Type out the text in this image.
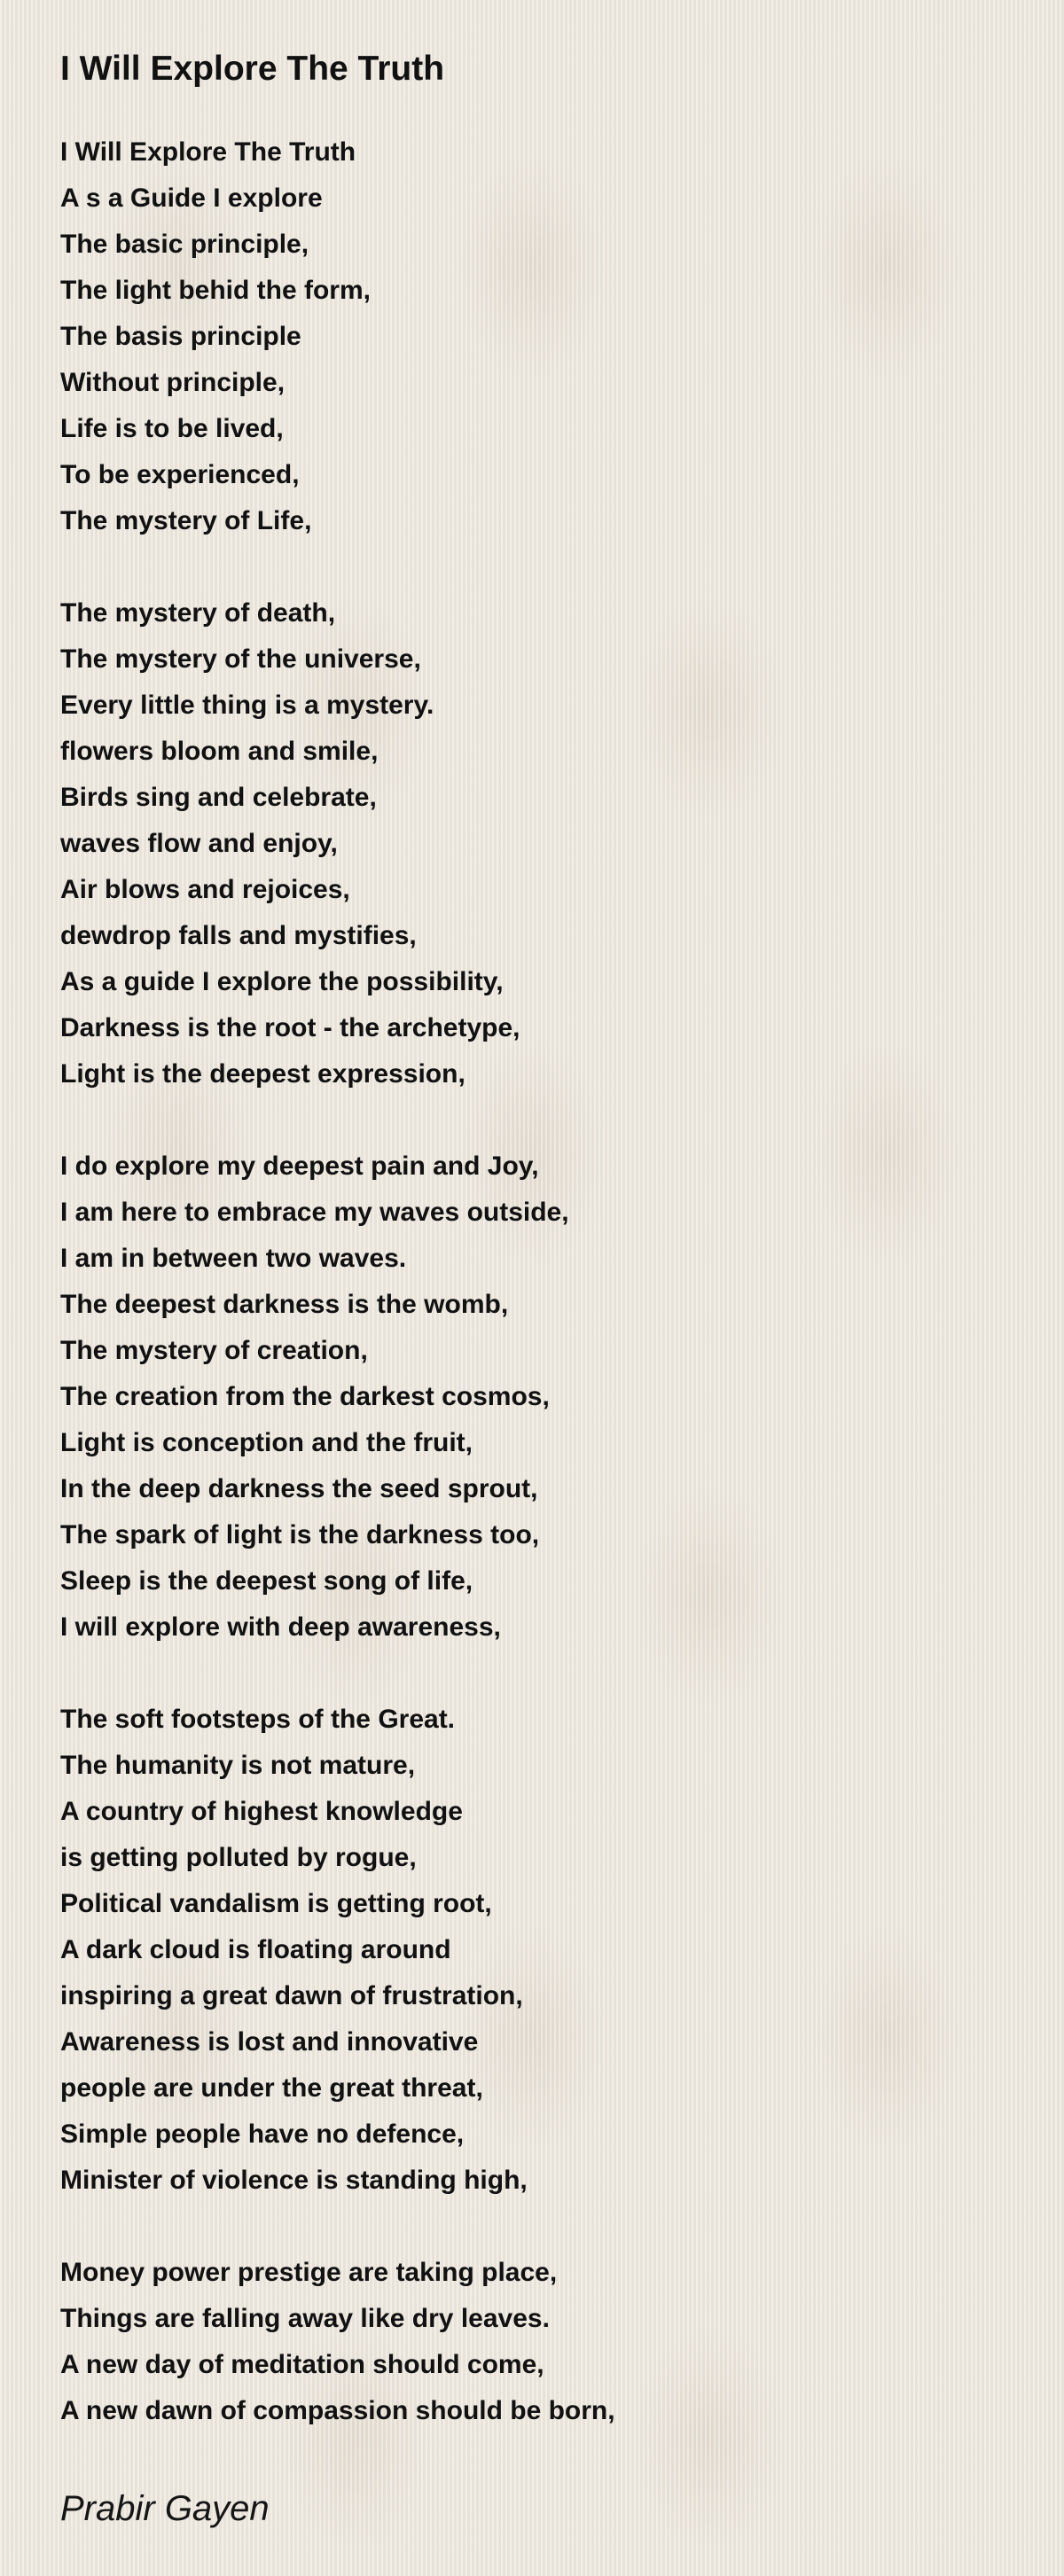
I Will Explore The Truth
I Will Explore The Truth
A s a Guide I explore
The basic principle,
The light behid the form,
The basis principle
Without principle,
Life is to be lived,
To be experienced,
The mystery of Life,
The mystery of death,
The mystery of the universe,
Every little thing is a mystery.
flowers bloom and smile,
Birds sing and celebrate,
waves flow and enjoy,
Air blows and rejoices,
dewdrop falls and mystifies,
As a guide I explore the possibility,
Darkness is the root - the archetype,
Light is the deepest expression,
I do explore my deepest pain and Joy,
I am here to embrace my waves outside,
I am in between two waves.
The deepest darkness is the womb,
The mystery of creation,
The creation from the darkest cosmos,
Light is conception and the fruit,
In the deep darkness the seed sprout,
The spark of light is the darkness too,
Sleep is the deepest song of life,
I will explore with deep awareness,
The soft footsteps of the Great.
The humanity is not mature,
A country of highest knowledge
is getting polluted by rogue,
Political vandalism is getting root,
A dark cloud is floating around
inspiring a great dawn of frustration,
Awareness is lost and innovative
people are under the great threat,
Simple people have no defence,
Minister of violence is standing high,
Money power prestige are taking place,
Things are falling away like dry leaves.
A new day of meditation should come,
A new dawn of compassion should be born,
Prabir Gayen
